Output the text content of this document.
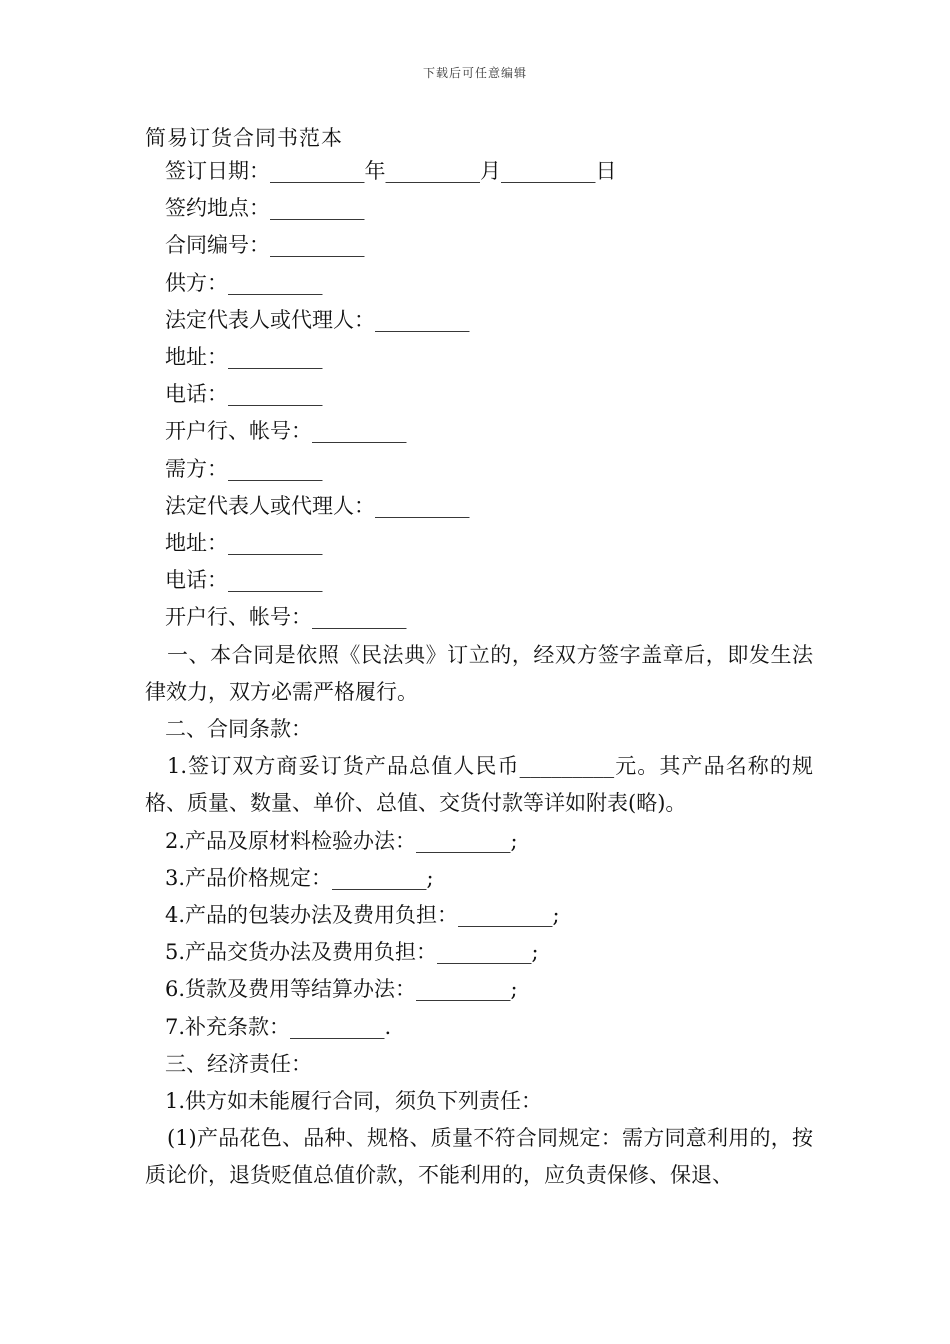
下载后可任意编辑
简易订货合同书范本

签订日期：_________年_________月_________日

签约地点：_________

合同编号：_________

供方：_________

法定代表人或代理人：_________

地址：_________

电话：_________

开户行、帐号：_________

需方：_________

法定代表人或代理人：_________

地址：_________

电话：_________

开户行、帐号：_________

一、本合同是依照《民法典》订立的，经双方签字盖章后，即发生法律效力，双方必需严格履行。

二、合同条款：

1.签订双方商妥订货产品总值人民币_________元。其产品名称的规格、质量、数量、单价、总值、交货付款等详如附表(略)。

2.产品及原材料检验办法：_________;

3.产品价格规定：_________;

4.产品的包装办法及费用负担：_________;

5.产品交货办法及费用负担：_________;

6.货款及费用等结算办法：_________;

7.补充条款：_________.

三、经济责任：

1.供方如未能履行合同，须负下列责任：

(1)产品花色、品种、规格、质量不符合同规定：需方同意利用的，按质论价，退货贬值总值价款，不能利用的，应负责保修、保退、
